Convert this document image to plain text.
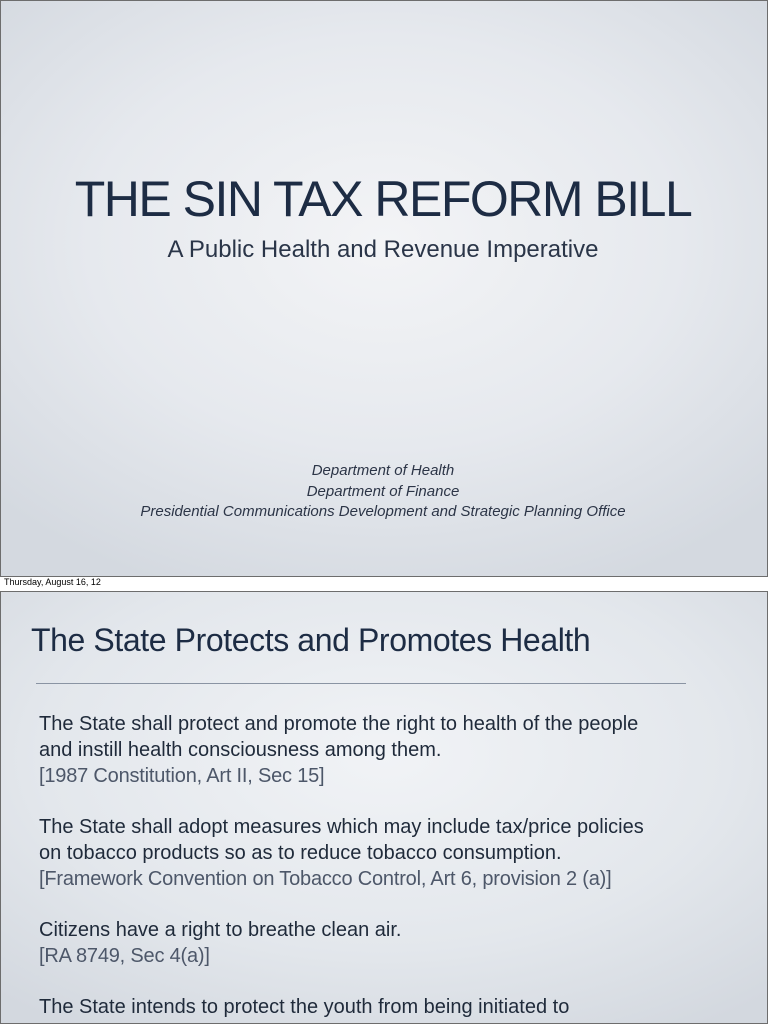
THE SIN TAX REFORM BILL
A Public Health and Revenue Imperative
Department of Health
Department of Finance
Presidential Communications Development and Strategic Planning Office
Thursday, August 16, 12
The State Protects and Promotes Health
The State shall protect and promote the right to health of the people
and instill health consciousness among them.
[1987 Constitution, Art II, Sec 15]
The State shall adopt measures which may include tax/price policies
on tobacco products so as to reduce tobacco consumption.
[Framework Convention on Tobacco Control, Art 6, provision 2 (a)]
Citizens have a right to breathe clean air.
[RA 8749, Sec 4(a)]
The State intends to protect the youth from being initiated to
